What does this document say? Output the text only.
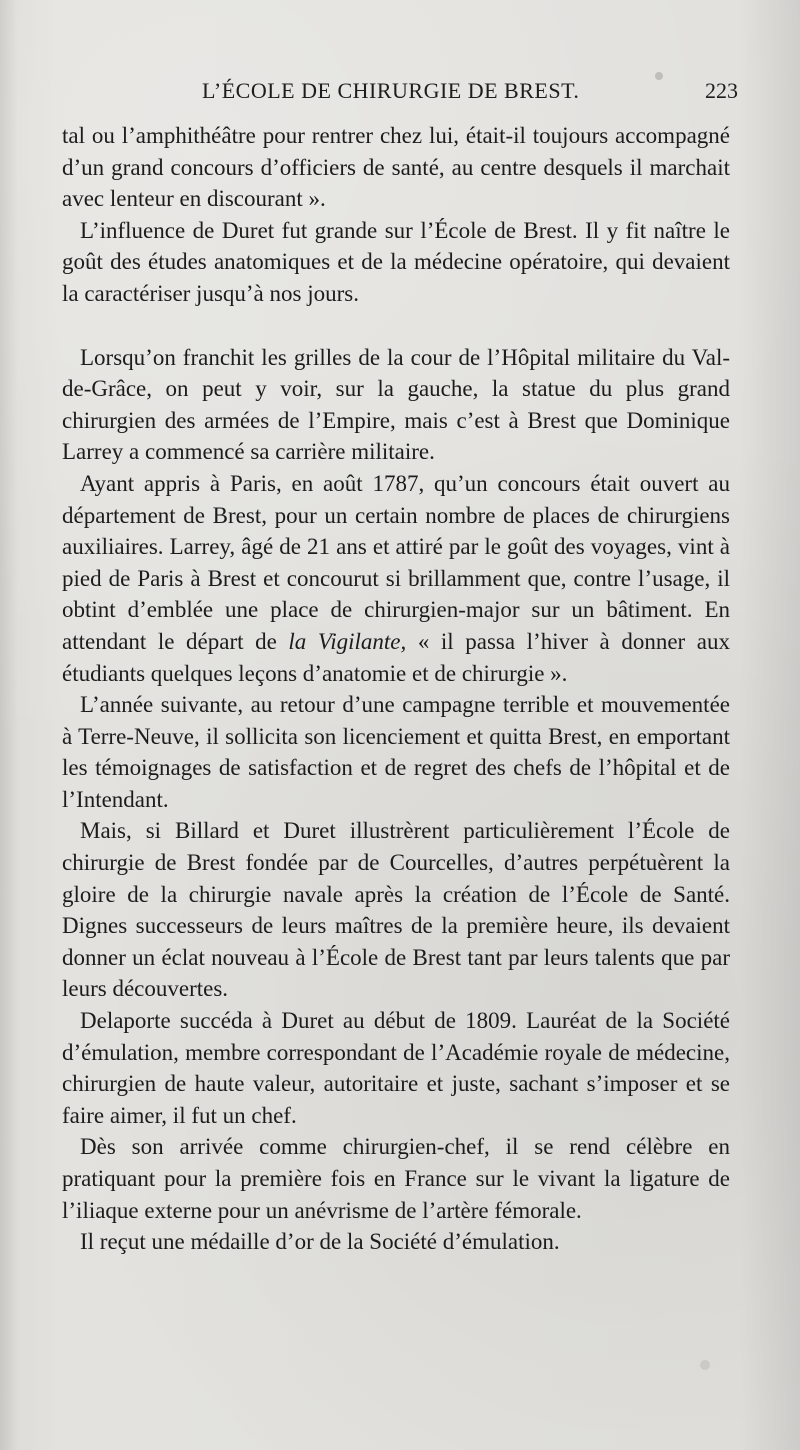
L’ÉCOLE DE CHIRURGIE DE BREST.	223

tal ou l’amphithéâtre pour rentrer chez lui, était-il toujours accompagné d’un grand concours d’officiers de santé, au centre desquels il marchait avec lenteur en discourant ».

L’influence de Duret fut grande sur l’École de Brest. Il y fit naître le goût des études anatomiques et de la médecine opératoire, qui devaient la caractériser jusqu’à nos jours.

Lorsqu’on franchit les grilles de la cour de l’Hôpital militaire du Val-de-Grâce, on peut y voir, sur la gauche, la statue du plus grand chirurgien des armées de l’Empire, mais c’est à Brest que Dominique Larrey a commencé sa carrière militaire.

Ayant appris à Paris, en août 1787, qu’un concours était ouvert au département de Brest, pour un certain nombre de places de chirurgiens auxiliaires. Larrey, âgé de 21 ans et attiré par le goût des voyages, vint à pied de Paris à Brest et concourut si brillamment que, contre l’usage, il obtint d’emblée une place de chirurgien-major sur un bâtiment. En attendant le départ de la Vigilante, « il passa l’hiver à donner aux étudiants quelques leçons d’anatomie et de chirurgie ».

L’année suivante, au retour d’une campagne terrible et mouvementée à Terre-Neuve, il sollicita son licenciement et quitta Brest, en emportant les témoignages de satisfaction et de regret des chefs de l’hôpital et de l’Intendant.

Mais, si Billard et Duret illustrèrent particulièrement l’École de chirurgie de Brest fondée par de Courcelles, d’autres perpétuèrent la gloire de la chirurgie navale après la création de l’École de Santé. Dignes successeurs de leurs maîtres de la première heure, ils devaient donner un éclat nouveau à l’École de Brest tant par leurs talents que par leurs découvertes.

Delaporte succéda à Duret au début de 1809. Lauréat de la Société d’émulation, membre correspondant de l’Académie royale de médecine, chirurgien de haute valeur, autoritaire et juste, sachant s’imposer et se faire aimer, il fut un chef.

Dès son arrivée comme chirurgien-chef, il se rend célèbre en pratiquant pour la première fois en France sur le vivant la ligature de l’iliaque externe pour un anévrisme de l’artère fémorale.

Il reçut une médaille d’or de la Société d’émulation.
